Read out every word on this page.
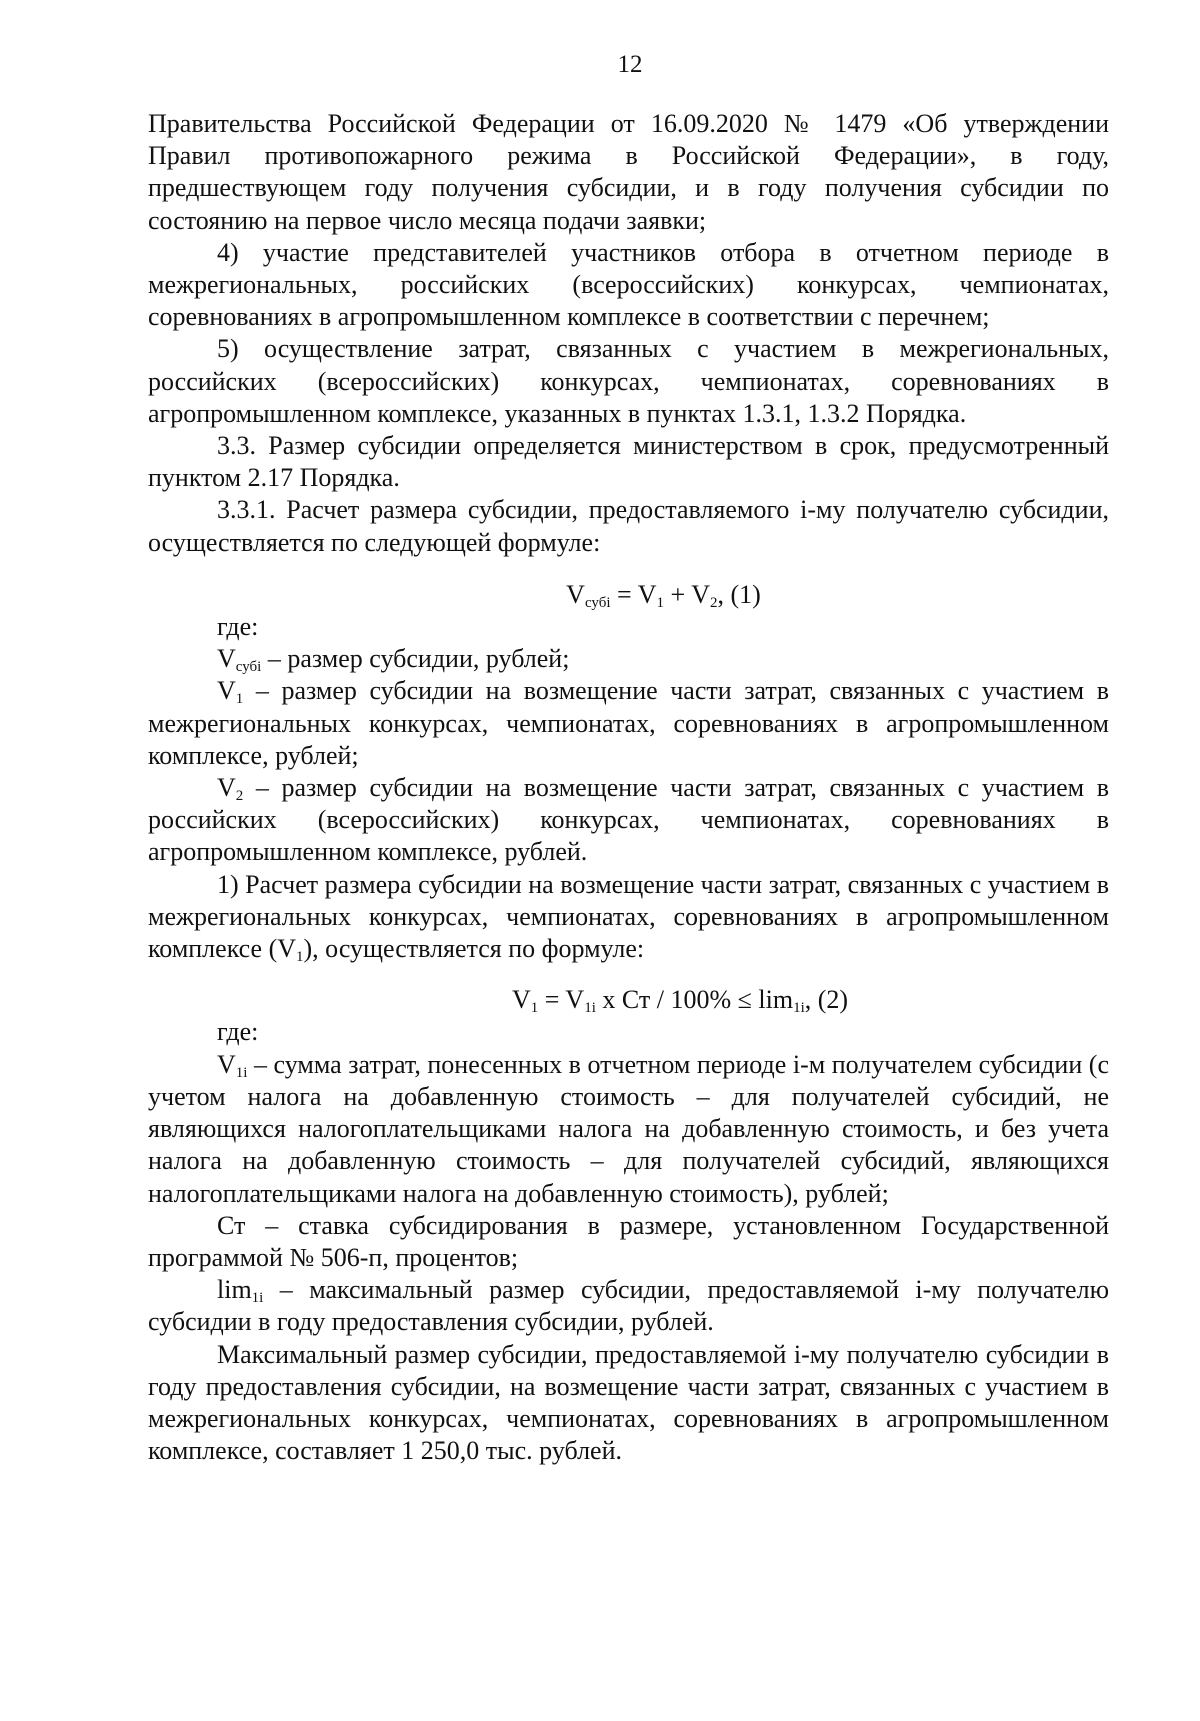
12

Правительства Российской Федерации от 16.09.2020 № 1479 «Об утверждении Правил противопожарного режима в Российской Федерации», в году, предшествующем году получения субсидии, и в году получения субсидии по состоянию на первое число месяца подачи заявки;

4) участие представителей участников отбора в отчетном периоде в межрегиональных, российских (всероссийских) конкурсах, чемпионатах, соревнованиях в агропромышленном комплексе в соответствии с перечнем;

5) осуществление затрат, связанных с участием в межрегиональных, российских (всероссийских) конкурсах, чемпионатах, соревнованиях в агропромышленном комплексе, указанных в пунктах 1.3.1, 1.3.2 Порядка.

3.3. Размер субсидии определяется министерством в срок, предусмотренный пунктом 2.17 Порядка.

3.3.1. Расчет размера субсидии, предоставляемого i-му получателю субсидии, осуществляется по следующей формуле:

$V_{субi} = V_1 + V_2$, (1)

где:

$V_{субi}$ – размер субсидии, рублей;

$V_1$ – размер субсидии на возмещение части затрат, связанных с участием в межрегиональных конкурсах, чемпионатах, соревнованиях в агропромышленном комплексе, рублей;

$V_2$ – размер субсидии на возмещение части затрат, связанных с участием в российских (всероссийских) конкурсах, чемпионатах, соревнованиях в агропромышленном комплексе, рублей.

1) Расчет размера субсидии на возмещение части затрат, связанных с участием в межрегиональных конкурсах, чемпионатах, соревнованиях в агропромышленном комплексе $(V_1)$, осуществляется по формуле:

$V_1 = V_{1i}$ x Ст / $100\% \le \lim_{1i}$, (2)

где:

$V_{1i}$ – сумма затрат, понесенных в отчетном периоде i-м получателем субсидии (с учетом налога на добавленную стоимость – для получателей субсидий, не являющихся налогоплательщиками налога на добавленную стоимость, и без учета налога на добавленную стоимость – для получателей субсидий, являющихся налогоплательщиками налога на добавленную стоимость), рублей;

Ст – ставка субсидирования в размере, установленном Государственной программой № 506-п, процентов;

$\lim_{1i}$ – максимальный размер субсидии, предоставляемой i-му получателю субсидии в году предоставления субсидии, рублей.

Максимальный размер субсидии, предоставляемой i-му получателю субсидии в году предоставления субсидии, на возмещение части затрат, связанных с участием в межрегиональных конкурсах, чемпионатах, соревнованиях в агропромышленном комплексе, составляет 1 250,0 тыс. рублей.
